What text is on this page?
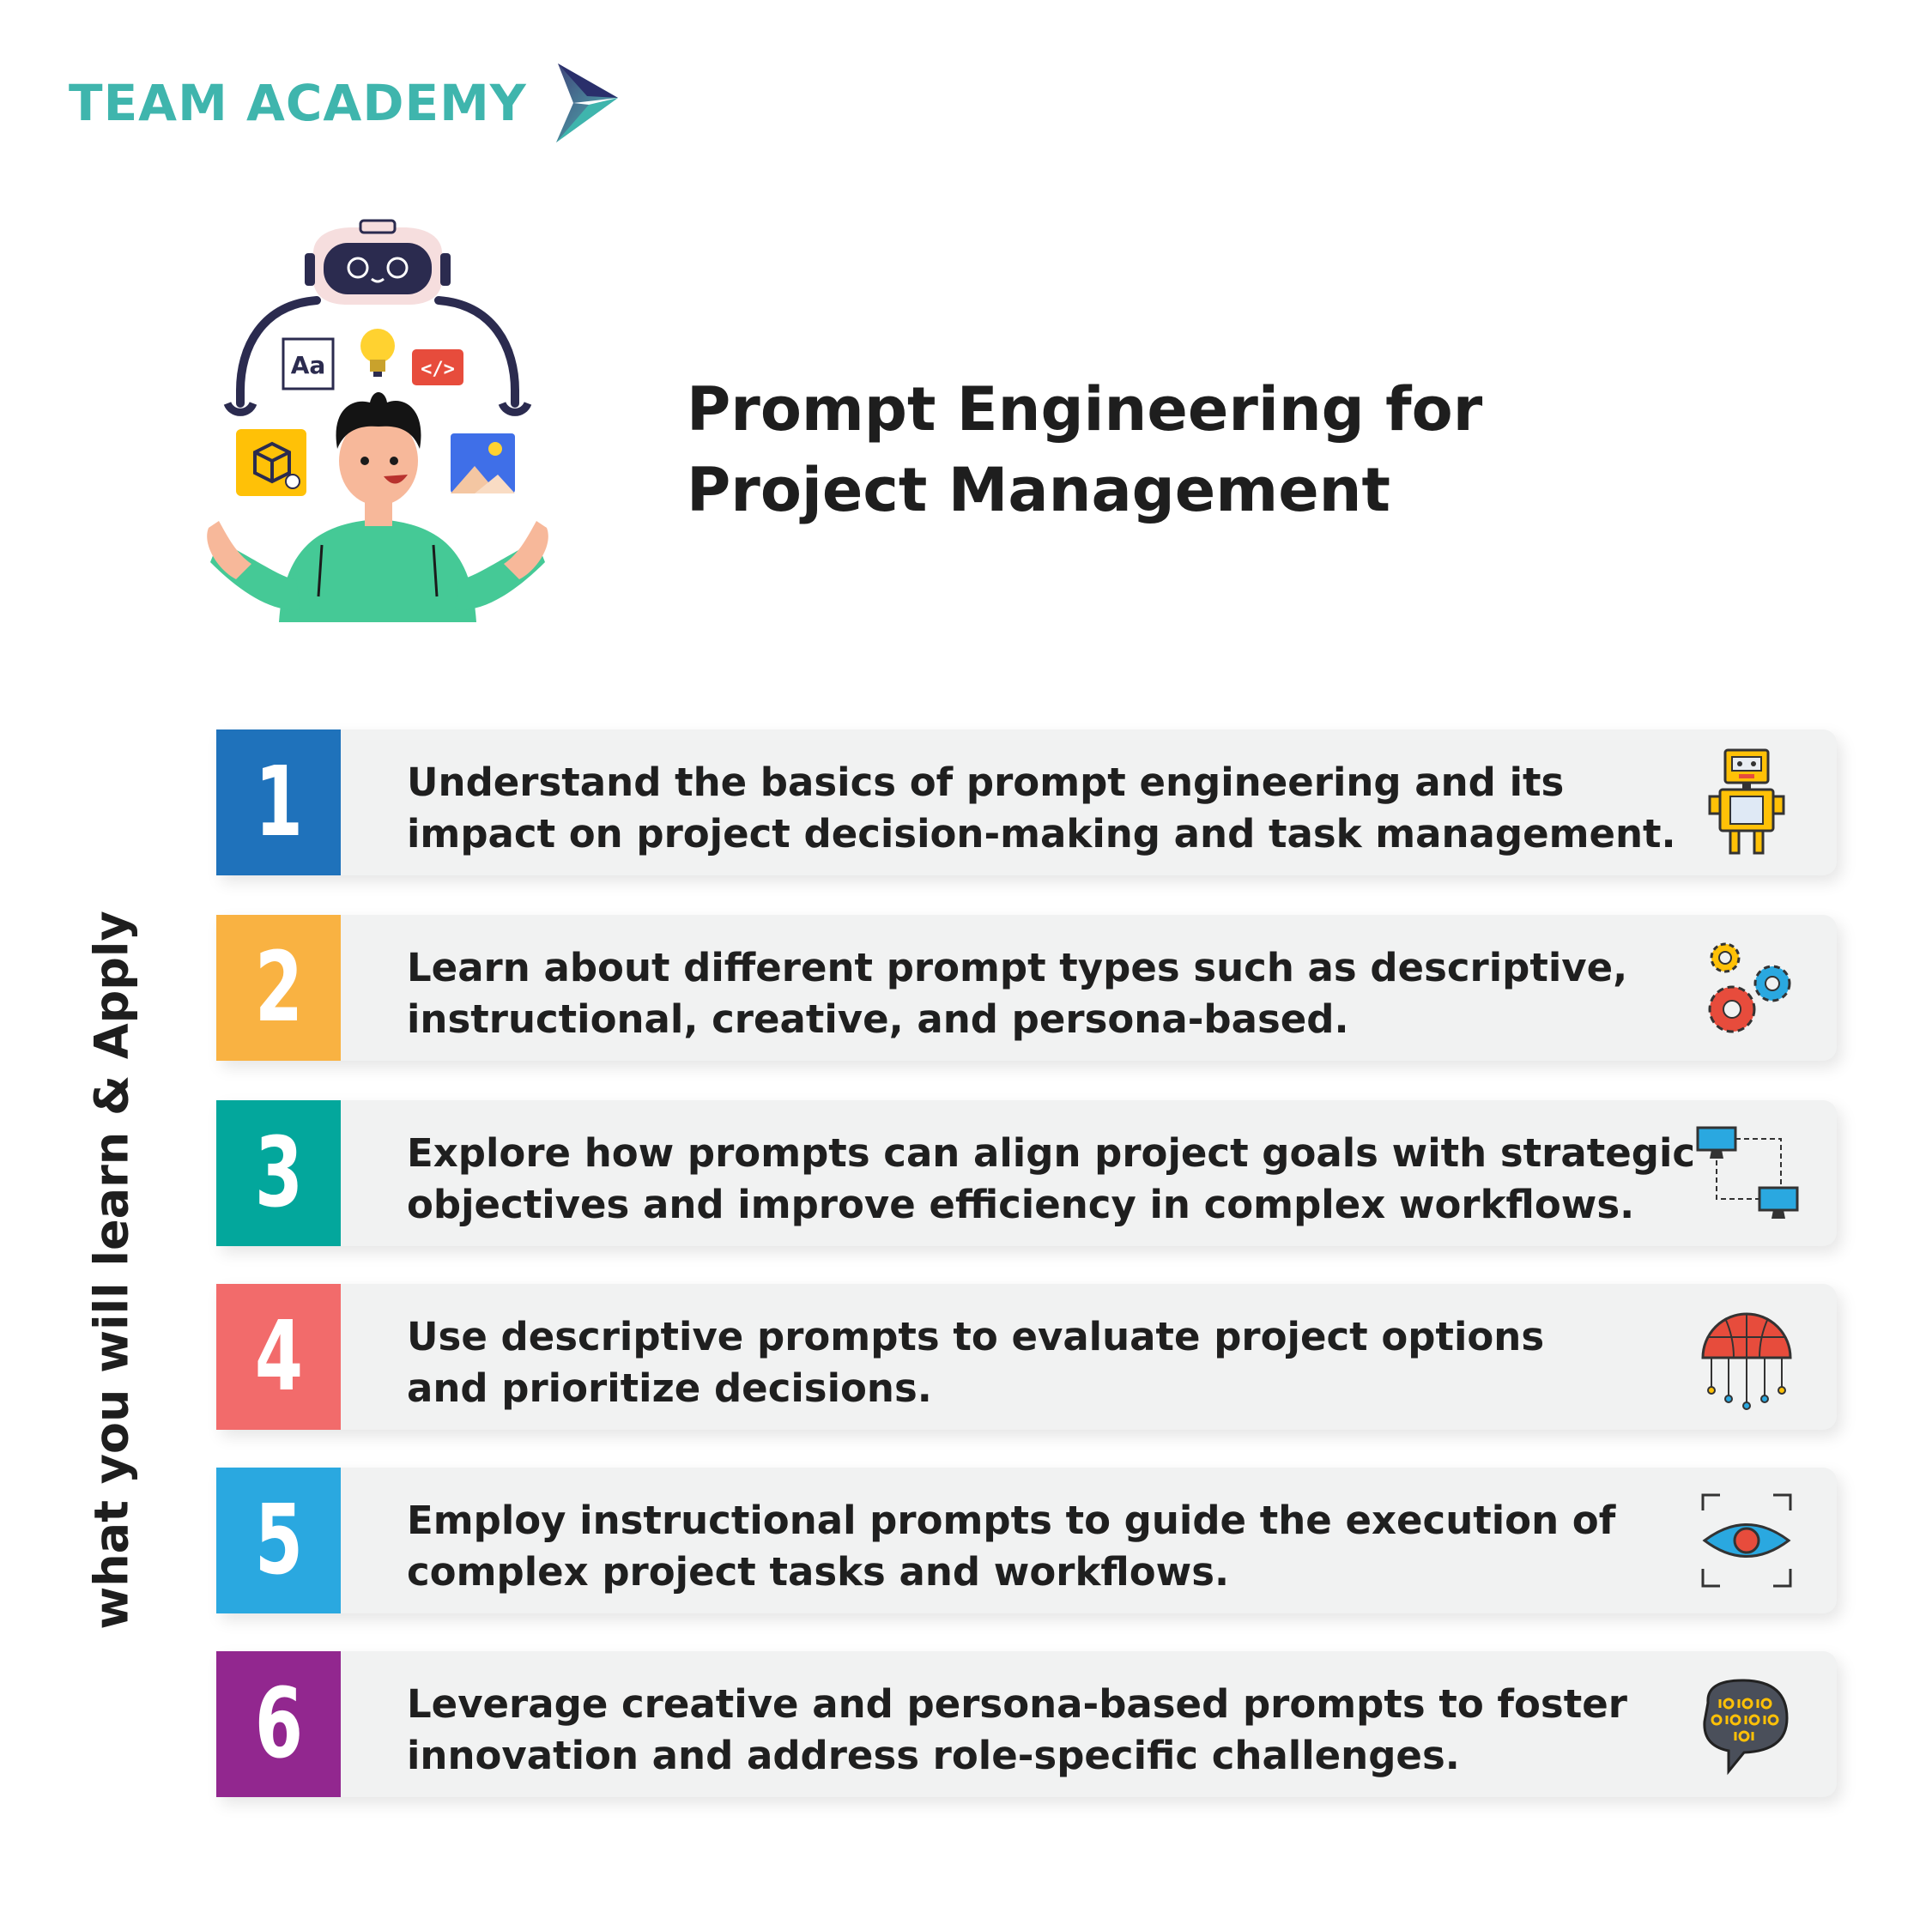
TEAM ACADEMY
Aa	</>
Prompt Engineering for
Project Management
what you will learn & Apply
1	Understand the basics of prompt engineering and its
impact on project decision-making and task management.
2	Learn about different prompt types such as descriptive,
instructional, creative, and persona-based.
3	Explore how prompts can align project goals with strategic
objectives and improve efficiency in complex workflows.
4	Use descriptive prompts to evaluate project options
and prioritize decisions.
5	Employ instructional prompts to guide the execution of
complex project tasks and workflows.
6	Leverage creative and persona-based prompts to foster
innovation and address role-specific challenges.
